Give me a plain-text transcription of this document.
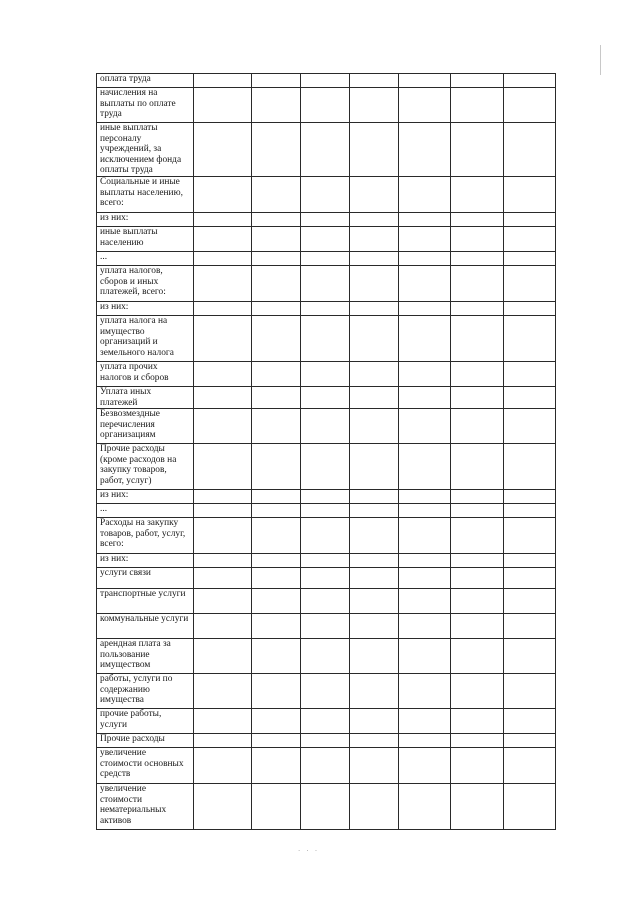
оплата труда							
начисления на выплаты по оплате труда							
иные выплаты персоналу учреждений, за исключением фонда оплаты труда							
Социальные и иные выплаты населению, всего:							
из них:							
иные выплаты населению							
...							
уплата налогов, сборов и иных платежей, всего:							
из них:							
уплата налога на имущество организаций и земельного налога							
уплата прочих налогов и сборов							
Уплата иных платежей							
Безвозмездные перечисления организациям							
Прочие расходы (кроме расходов на закупку товаров, работ, услуг)							
из них:							
...							
Расходы на закупку товаров, работ, услуг, всего:							
из них:							
услуги связи							
транспортные услуги							
коммунальные услуги							
арендная плата за пользование имуществом							
работы, услуги по содержанию имущества							
прочие работы, услуги							
Прочие расходы							
увеличение стоимости основных средств							
увеличение стоимости нематериальных активов							
· · ·
